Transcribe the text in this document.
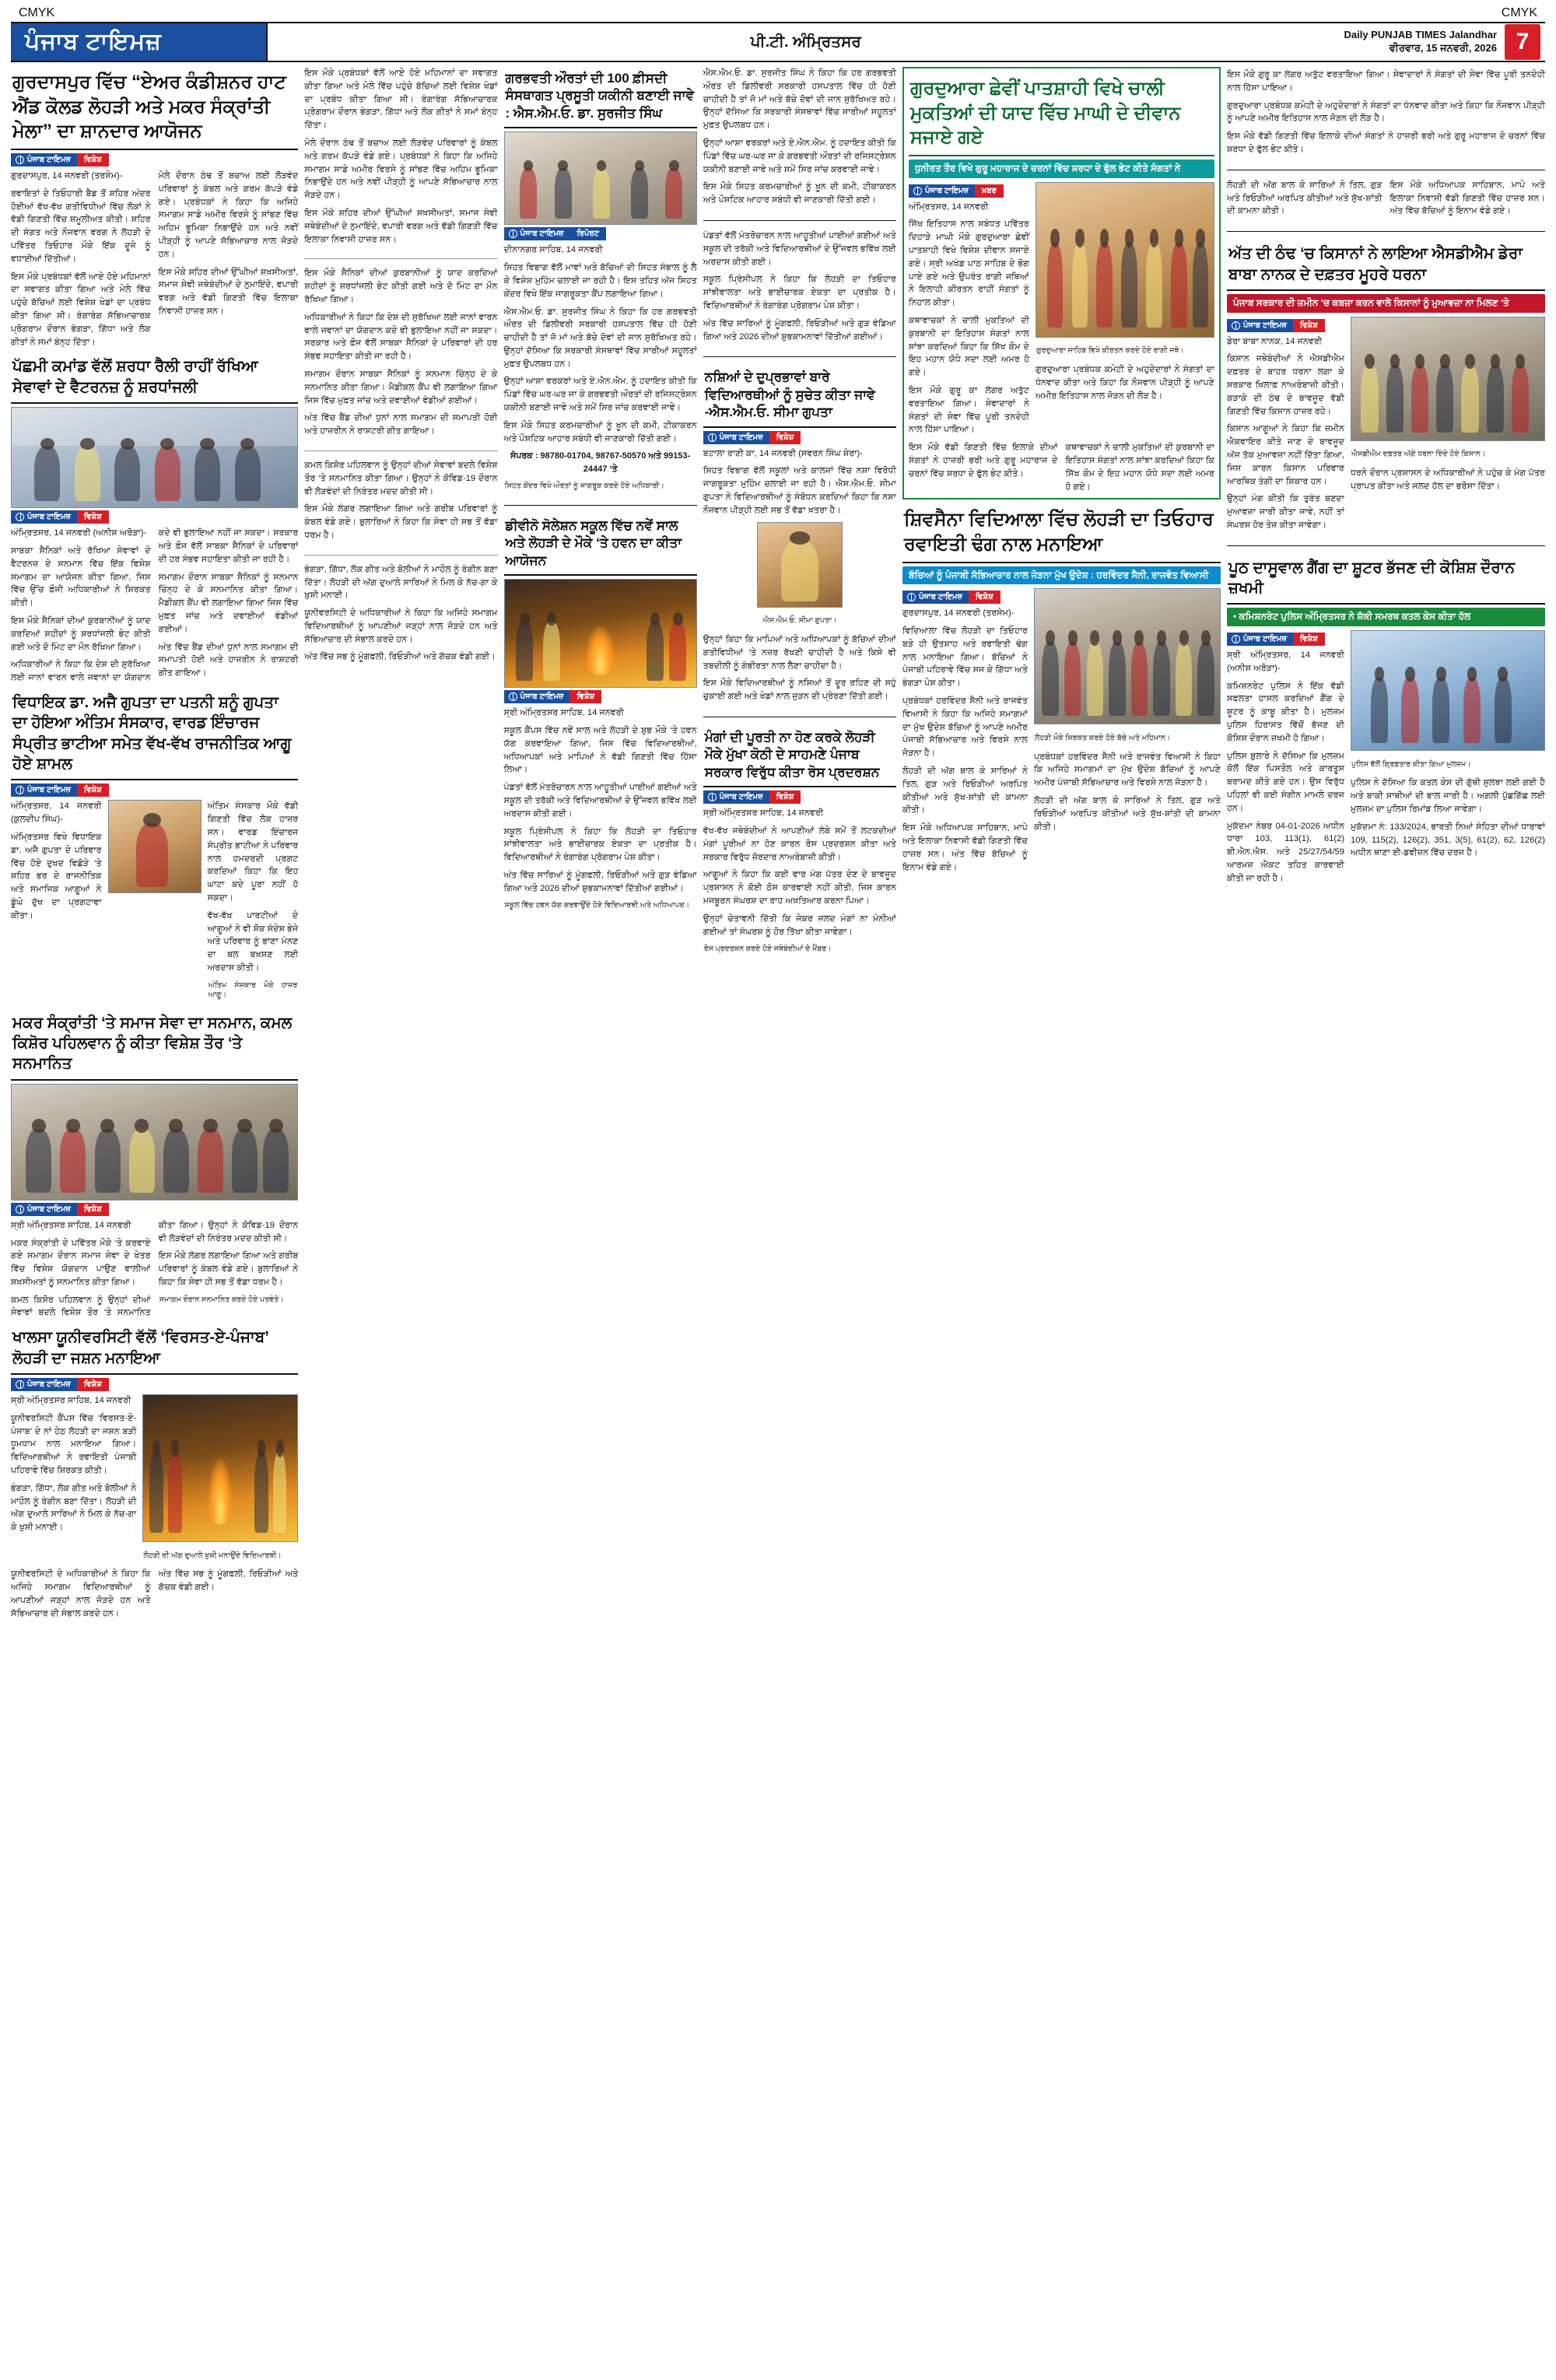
CMYK	CMYK
ਪੰਜਾਬ ਟਾਇਮਜ਼	ਪੀ.ਟੀ. ਅੰਮ੍ਰਿਤਸਰ	Daily PUNJAB TIMES Jalandhar
ਵੀਰਵਾਰ, 15 ਜਨਵਰੀ, 2026 7
ਗੁਰਦਾਸਪੁਰ ਵਿੱਚ “ਏਅਰ ਕੰਡੀਸ਼ਨਰ ਹਾਟ ਐਂਡ ਕੋਲਡ ਲੋਹੜੀ ਅਤੇ ਮਕਰ ਸੰਕ੍ਰਾਂਤੀ ਮੇਲਾ” ਦਾ ਸ਼ਾਨਦਾਰ ਆਯੋਜਨ
ਪੰਜਾਬ ਟਾਇਮਜ਼	ਵਿਸ਼ੇਸ਼

ਗੁਰਦਾਸਪੁਰ, 14 ਜਨਵਰੀ (ਤਰਸੇਮ)-

ਰਵਾਇਤਾਂ ਦੇ ਤਿਓਹਾਰੀ ਬੈਡ ਤੋਂ ਸ਼ਹਿਰ ਅੰਦਰ ਹੋਈਆਂ ਵੱਖ-ਵੱਖ ਗਤੀਵਿਧੀਆਂ ਵਿੱਚ ਲੋਕਾਂ ਨੇ ਵੱਡੀ ਗਿਣਤੀ ਵਿੱਚ ਸ਼ਮੂਲੀਅਤ ਕੀਤੀ। ਸ਼ਹਿਰ ਦੀ ਸੰਗਤ ਅਤੇ ਨੌਜਵਾਨ ਵਰਗ ਨੇ ਲੋਹੜੀ ਦੇ ਪਵਿੱਤਰ ਤਿਓਹਾਰ ਮੌਕੇ ਇੱਕ ਦੂਜੇ ਨੂੰ ਵਧਾਈਆਂ ਦਿੱਤੀਆਂ।

ਇਸ ਮੌਕੇ ਪ੍ਰਬੰਧਕਾਂ ਵੱਲੋਂ ਆਏ ਹੋਏ ਮਹਿਮਾਨਾਂ ਦਾ ਸਵਾਗਤ ਕੀਤਾ ਗਿਆ ਅਤੇ ਮੇਲੇ ਵਿੱਚ ਪਹੁੰਚੇ ਬੱਚਿਆਂ ਲਈ ਵਿਸ਼ੇਸ਼ ਖੇਡਾਂ ਦਾ ਪ੍ਰਬੰਧ ਕੀਤਾ ਗਿਆ ਸੀ। ਰੰਗਾਰੰਗ ਸੱਭਿਆਚਾਰਕ ਪ੍ਰੋਗਰਾਮ ਦੌਰਾਨ ਭੰਗੜਾ, ਗਿੱਧਾ ਅਤੇ ਲੋਕ ਗੀਤਾਂ ਨੇ ਸਮਾਂ ਬੰਨ੍ਹ ਦਿੱਤਾ।

ਮੇਲੇ ਦੌਰਾਨ ਠੰਢ ਤੋਂ ਬਚਾਅ ਲਈ ਲੋੜਵੰਦ ਪਰਿਵਾਰਾਂ ਨੂੰ ਕੰਬਲ ਅਤੇ ਗਰਮ ਕੱਪੜੇ ਵੰਡੇ ਗਏ। ਪ੍ਰਬੰਧਕਾਂ ਨੇ ਕਿਹਾ ਕਿ ਅਜਿਹੇ ਸਮਾਗਮ ਸਾਡੇ ਅਮੀਰ ਵਿਰਸੇ ਨੂੰ ਸਾਂਭਣ ਵਿੱਚ ਅਹਿਮ ਭੂਮਿਕਾ ਨਿਭਾਉਂਦੇ ਹਨ ਅਤੇ ਨਵੀਂ ਪੀੜ੍ਹੀ ਨੂੰ ਆਪਣੇ ਸੱਭਿਆਚਾਰ ਨਾਲ ਜੋੜਦੇ ਹਨ।

ਇਸ ਮੌਕੇ ਸ਼ਹਿਰ ਦੀਆਂ ਉੱਘੀਆਂ ਸ਼ਖ਼ਸੀਅਤਾਂ, ਸਮਾਜ ਸੇਵੀ ਜਥੇਬੰਦੀਆਂ ਦੇ ਨੁਮਾਇੰਦੇ, ਵਪਾਰੀ ਵਰਗ ਅਤੇ ਵੱਡੀ ਗਿਣਤੀ ਵਿੱਚ ਇਲਾਕਾ ਨਿਵਾਸੀ ਹਾਜ਼ਰ ਸਨ।

ਪੱਛਮੀ ਕਮਾਂਡ ਵੱਲੋਂ ਸ਼ਰਧਾ ਰੈਲੀ ਰਾਹੀਂ ਰੱਖਿਆ ਸੇਵਾਵਾਂ ਦੇ ਵੈਟਰਨਜ਼ ਨੂੰ ਸ਼ਰਧਾਂਜਲੀ
ਪੰਜਾਬ ਟਾਇਮਜ਼	ਵਿਸ਼ੇਸ਼

ਅੰਮ੍ਰਿਤਸਰ, 14 ਜਨਵਰੀ (ਅਨੀਸ਼ ਅਰੋੜਾ)-

ਸਾਬਕਾ ਸੈਨਿਕਾਂ ਅਤੇ ਰੱਖਿਆ ਸੇਵਾਵਾਂ ਦੇ ਵੈਟਰਨਜ਼ ਦੇ ਸਨਮਾਨ ਵਿੱਚ ਇੱਕ ਵਿਸ਼ੇਸ਼ ਸਮਾਗਮ ਦਾ ਆਯੋਜਨ ਕੀਤਾ ਗਿਆ, ਜਿਸ ਵਿੱਚ ਉੱਚ ਫ਼ੌਜੀ ਅਧਿਕਾਰੀਆਂ ਨੇ ਸ਼ਿਰਕਤ ਕੀਤੀ।

ਇਸ ਮੌਕੇ ਸੈਨਿਕਾਂ ਦੀਆਂ ਕੁਰਬਾਨੀਆਂ ਨੂੰ ਯਾਦ ਕਰਦਿਆਂ ਸ਼ਹੀਦਾਂ ਨੂੰ ਸ਼ਰਧਾਂਜਲੀ ਭੇਟ ਕੀਤੀ ਗਈ ਅਤੇ ਦੋ ਮਿੰਟ ਦਾ ਮੌਨ ਰੱਖਿਆ ਗਿਆ।

ਅਧਿਕਾਰੀਆਂ ਨੇ ਕਿਹਾ ਕਿ ਦੇਸ਼ ਦੀ ਸੁਰੱਖਿਆ ਲਈ ਜਾਨਾਂ ਵਾਰਨ ਵਾਲੇ ਜਵਾਨਾਂ ਦਾ ਯੋਗਦਾਨ ਕਦੇ ਵੀ ਭੁਲਾਇਆ ਨਹੀਂ ਜਾ ਸਕਦਾ। ਸਰਕਾਰ ਅਤੇ ਫ਼ੌਜ ਵੱਲੋਂ ਸਾਬਕਾ ਸੈਨਿਕਾਂ ਦੇ ਪਰਿਵਾਰਾਂ ਦੀ ਹਰ ਸੰਭਵ ਸਹਾਇਤਾ ਕੀਤੀ ਜਾ ਰਹੀ ਹੈ।

ਸਮਾਗਮ ਦੌਰਾਨ ਸਾਬਕਾ ਸੈਨਿਕਾਂ ਨੂੰ ਸਨਮਾਨ ਚਿੰਨ੍ਹ ਦੇ ਕੇ ਸਨਮਾਨਿਤ ਕੀਤਾ ਗਿਆ। ਮੈਡੀਕਲ ਕੈਂਪ ਵੀ ਲਗਾਇਆ ਗਿਆ ਜਿਸ ਵਿੱਚ ਮੁਫ਼ਤ ਜਾਂਚ ਅਤੇ ਦਵਾਈਆਂ ਵੰਡੀਆਂ ਗਈਆਂ।

ਅੰਤ ਵਿੱਚ ਬੈਂਡ ਦੀਆਂ ਧੁਨਾਂ ਨਾਲ ਸਮਾਗਮ ਦੀ ਸਮਾਪਤੀ ਹੋਈ ਅਤੇ ਹਾਜ਼ਰੀਨ ਨੇ ਰਾਸ਼ਟਰੀ ਗੀਤ ਗਾਇਆ।

ਵਿਧਾਇਕ ਡਾ. ਅਜੈ ਗੁਪਤਾ ਦਾ ਪਤਨੀ ਸ਼ਨੂੰ ਗੁਪਤਾ ਦਾ ਹੋਇਆ ਅੰਤਿਮ ਸੰਸਕਾਰ, ਵਾਰਡ ਇੰਚਾਰਜ ਸੰਪ੍ਰੀਤ ਭਾਟੀਆ ਸਮੇਤ ਵੱਖ-ਵੱਖ ਰਾਜਨੀਤਿਕ ਆਗੂ ਹੋਏ ਸ਼ਾਮਲ
ਪੰਜਾਬ ਟਾਇਮਜ਼	ਵਿਸ਼ੇਸ਼

ਅੰਮ੍ਰਿਤਸਰ, 14 ਜਨਵਰੀ (ਕੁਲਦੀਪ ਸਿੰਘ)-

ਅੰਮ੍ਰਿਤਸਰ ਵਿਖੇ ਵਿਧਾਇਕ ਡਾ. ਅਜੈ ਗੁਪਤਾ ਦੇ ਪਰਿਵਾਰ ਵਿੱਚ ਹੋਏ ਦੁਖਦ ਵਿਛੋੜੇ ‘ਤੇ ਸ਼ਹਿਰ ਭਰ ਦੇ ਰਾਜਨੀਤਿਕ ਅਤੇ ਸਮਾਜਿਕ ਆਗੂਆਂ ਨੇ ਡੂੰਘੇ ਦੁੱਖ ਦਾ ਪ੍ਰਗਟਾਵਾ ਕੀਤਾ।

ਅੰਤਿਮ ਸੰਸਕਾਰ ਮੌਕੇ ਵੱਡੀ ਗਿਣਤੀ ਵਿੱਚ ਲੋਕ ਹਾਜ਼ਰ ਸਨ। ਵਾਰਡ ਇੰਚਾਰਜ ਸੰਪ੍ਰੀਤ ਭਾਟੀਆ ਨੇ ਪਰਿਵਾਰ ਨਾਲ ਹਮਦਰਦੀ ਪ੍ਰਗਟ ਕਰਦਿਆਂ ਕਿਹਾ ਕਿ ਇਹ ਘਾਟਾ ਕਦੇ ਪੂਰਾ ਨਹੀਂ ਹੋ ਸਕਦਾ।

ਵੱਖ-ਵੱਖ ਪਾਰਟੀਆਂ ਦੇ ਆਗੂਆਂ ਨੇ ਵੀ ਸ਼ੋਕ ਸੰਦੇਸ਼ ਭੇਜੇ ਅਤੇ ਪਰਿਵਾਰ ਨੂੰ ਭਾਣਾ ਮੰਨਣ ਦਾ ਬਲ ਬਖ਼ਸ਼ਣ ਲਈ ਅਰਦਾਸ ਕੀਤੀ।

ਅੰਤਿਮ ਸੰਸਕਾਰ ਮੌਕੇ ਹਾਜ਼ਰ ਆਗੂ।

ਮਕਰ ਸੰਕ੍ਰਾਂਤੀ ‘ਤੇ ਸਮਾਜ ਸੇਵਾ ਦਾ ਸਨਮਾਨ, ਕਮਲ ਕਿਸ਼ੋਰ ਪਹਿਲਵਾਨ ਨੂੰ ਕੀਤਾ ਵਿਸ਼ੇਸ਼ ਤੌਰ ‘ਤੇ ਸਨਮਾਨਿਤ
ਪੰਜਾਬ ਟਾਇਮਜ਼	ਵਿਸ਼ੇਸ਼

ਸ੍ਰੀ ਅੰਮ੍ਰਿਤਸਰ ਸਾਹਿਬ, 14 ਜਨਵਰੀ

ਮਕਰ ਸੰਕ੍ਰਾਂਤੀ ਦੇ ਪਵਿੱਤਰ ਮੌਕੇ ‘ਤੇ ਕਰਵਾਏ ਗਏ ਸਮਾਗਮ ਦੌਰਾਨ ਸਮਾਜ ਸੇਵਾ ਦੇ ਖੇਤਰ ਵਿੱਚ ਵਿਸ਼ੇਸ਼ ਯੋਗਦਾਨ ਪਾਉਣ ਵਾਲੀਆਂ ਸ਼ਖ਼ਸੀਅਤਾਂ ਨੂੰ ਸਨਮਾਨਿਤ ਕੀਤਾ ਗਿਆ।

ਕਮਲ ਕਿਸ਼ੋਰ ਪਹਿਲਵਾਨ ਨੂੰ ਉਨ੍ਹਾਂ ਦੀਆਂ ਸੇਵਾਵਾਂ ਬਦਲੇ ਵਿਸ਼ੇਸ਼ ਤੌਰ ‘ਤੇ ਸਨਮਾਨਿਤ ਕੀਤਾ ਗਿਆ। ਉਨ੍ਹਾਂ ਨੇ ਕੋਵਿਡ-19 ਦੌਰਾਨ ਵੀ ਲੋੜਵੰਦਾਂ ਦੀ ਨਿਰੰਤਰ ਮਦਦ ਕੀਤੀ ਸੀ।

ਇਸ ਮੌਕੇ ਲੰਗਰ ਲਗਾਇਆ ਗਿਆ ਅਤੇ ਗਰੀਬ ਪਰਿਵਾਰਾਂ ਨੂੰ ਕੰਬਲ ਵੰਡੇ ਗਏ। ਬੁਲਾਰਿਆਂ ਨੇ ਕਿਹਾ ਕਿ ਸੇਵਾ ਹੀ ਸਭ ਤੋਂ ਵੱਡਾ ਧਰਮ ਹੈ।

ਸਮਾਗਮ ਦੌਰਾਨ ਸਨਮਾਨਿਤ ਕਰਦੇ ਹੋਏ ਪਤਵੰਤੇ।

ਖਾਲਸਾ ਯੂਨੀਵਰਸਿਟੀ ਵੱਲੋਂ ‘ਵਿਰਸਤ-ਏ-ਪੰਜਾਬ’ ਲੋਹੜੀ ਦਾ ਜਸ਼ਨ ਮਨਾਇਆ
ਪੰਜਾਬ ਟਾਇਮਜ਼	ਵਿਸ਼ੇਸ਼

ਸ੍ਰੀ ਅੰਮ੍ਰਿਤਸਰ ਸਾਹਿਬ, 14 ਜਨਵਰੀ

ਯੂਨੀਵਰਸਿਟੀ ਕੈਂਪਸ ਵਿੱਚ ‘ਵਿਰਸਤ-ਏ-ਪੰਜਾਬ’ ਦੇ ਨਾਂ ਹੇਠ ਲੋਹੜੀ ਦਾ ਜਸ਼ਨ ਬੜੀ ਧੂਮਧਾਮ ਨਾਲ ਮਨਾਇਆ ਗਿਆ। ਵਿਦਿਆਰਥੀਆਂ ਨੇ ਰਵਾਇਤੀ ਪੰਜਾਬੀ ਪਹਿਰਾਵੇ ਵਿੱਚ ਸ਼ਿਰਕਤ ਕੀਤੀ।

ਭੰਗੜਾ, ਗਿੱਧਾ, ਲੋਕ ਗੀਤ ਅਤੇ ਬੋਲੀਆਂ ਨੇ ਮਾਹੌਲ ਨੂੰ ਰੰਗੀਨ ਬਣਾ ਦਿੱਤਾ। ਲੋਹੜੀ ਦੀ ਅੱਗ ਦੁਆਲੇ ਸਾਰਿਆਂ ਨੇ ਮਿਲ ਕੇ ਨੱਚ-ਗਾ ਕੇ ਖ਼ੁਸ਼ੀ ਮਨਾਈ।

ਲੋਹੜੀ ਦੀ ਅੱਗ ਦੁਆਲੇ ਖ਼ੁਸ਼ੀ ਮਨਾਉਂਦੇ ਵਿਦਿਆਰਥੀ।

ਯੂਨੀਵਰਸਿਟੀ ਦੇ ਅਧਿਕਾਰੀਆਂ ਨੇ ਕਿਹਾ ਕਿ ਅਜਿਹੇ ਸਮਾਗਮ ਵਿਦਿਆਰਥੀਆਂ ਨੂੰ ਆਪਣੀਆਂ ਜੜ੍ਹਾਂ ਨਾਲ ਜੋੜਦੇ ਹਨ ਅਤੇ ਸੱਭਿਆਚਾਰ ਦੀ ਸੰਭਾਲ ਕਰਦੇ ਹਨ।

ਅੰਤ ਵਿੱਚ ਸਭ ਨੂੰ ਮੂੰਗਫਲੀ, ਰਿਓੜੀਆਂ ਅਤੇ ਗੱਚਕ ਵੰਡੀ ਗਈ।

ਇਸ ਮੌਕੇ ਪ੍ਰਬੰਧਕਾਂ ਵੱਲੋਂ ਆਏ ਹੋਏ ਮਹਿਮਾਨਾਂ ਦਾ ਸਵਾਗਤ ਕੀਤਾ ਗਿਆ ਅਤੇ ਮੇਲੇ ਵਿੱਚ ਪਹੁੰਚੇ ਬੱਚਿਆਂ ਲਈ ਵਿਸ਼ੇਸ਼ ਖੇਡਾਂ ਦਾ ਪ੍ਰਬੰਧ ਕੀਤਾ ਗਿਆ ਸੀ। ਰੰਗਾਰੰਗ ਸੱਭਿਆਚਾਰਕ ਪ੍ਰੋਗਰਾਮ ਦੌਰਾਨ ਭੰਗੜਾ, ਗਿੱਧਾ ਅਤੇ ਲੋਕ ਗੀਤਾਂ ਨੇ ਸਮਾਂ ਬੰਨ੍ਹ ਦਿੱਤਾ।

ਮੇਲੇ ਦੌਰਾਨ ਠੰਢ ਤੋਂ ਬਚਾਅ ਲਈ ਲੋੜਵੰਦ ਪਰਿਵਾਰਾਂ ਨੂੰ ਕੰਬਲ ਅਤੇ ਗਰਮ ਕੱਪੜੇ ਵੰਡੇ ਗਏ। ਪ੍ਰਬੰਧਕਾਂ ਨੇ ਕਿਹਾ ਕਿ ਅਜਿਹੇ ਸਮਾਗਮ ਸਾਡੇ ਅਮੀਰ ਵਿਰਸੇ ਨੂੰ ਸਾਂਭਣ ਵਿੱਚ ਅਹਿਮ ਭੂਮਿਕਾ ਨਿਭਾਉਂਦੇ ਹਨ ਅਤੇ ਨਵੀਂ ਪੀੜ੍ਹੀ ਨੂੰ ਆਪਣੇ ਸੱਭਿਆਚਾਰ ਨਾਲ ਜੋੜਦੇ ਹਨ।

ਇਸ ਮੌਕੇ ਸ਼ਹਿਰ ਦੀਆਂ ਉੱਘੀਆਂ ਸ਼ਖ਼ਸੀਅਤਾਂ, ਸਮਾਜ ਸੇਵੀ ਜਥੇਬੰਦੀਆਂ ਦੇ ਨੁਮਾਇੰਦੇ, ਵਪਾਰੀ ਵਰਗ ਅਤੇ ਵੱਡੀ ਗਿਣਤੀ ਵਿੱਚ ਇਲਾਕਾ ਨਿਵਾਸੀ ਹਾਜ਼ਰ ਸਨ।

ਇਸ ਮੌਕੇ ਸੈਨਿਕਾਂ ਦੀਆਂ ਕੁਰਬਾਨੀਆਂ ਨੂੰ ਯਾਦ ਕਰਦਿਆਂ ਸ਼ਹੀਦਾਂ ਨੂੰ ਸ਼ਰਧਾਂਜਲੀ ਭੇਟ ਕੀਤੀ ਗਈ ਅਤੇ ਦੋ ਮਿੰਟ ਦਾ ਮੌਨ ਰੱਖਿਆ ਗਿਆ।

ਅਧਿਕਾਰੀਆਂ ਨੇ ਕਿਹਾ ਕਿ ਦੇਸ਼ ਦੀ ਸੁਰੱਖਿਆ ਲਈ ਜਾਨਾਂ ਵਾਰਨ ਵਾਲੇ ਜਵਾਨਾਂ ਦਾ ਯੋਗਦਾਨ ਕਦੇ ਵੀ ਭੁਲਾਇਆ ਨਹੀਂ ਜਾ ਸਕਦਾ। ਸਰਕਾਰ ਅਤੇ ਫ਼ੌਜ ਵੱਲੋਂ ਸਾਬਕਾ ਸੈਨਿਕਾਂ ਦੇ ਪਰਿਵਾਰਾਂ ਦੀ ਹਰ ਸੰਭਵ ਸਹਾਇਤਾ ਕੀਤੀ ਜਾ ਰਹੀ ਹੈ।

ਸਮਾਗਮ ਦੌਰਾਨ ਸਾਬਕਾ ਸੈਨਿਕਾਂ ਨੂੰ ਸਨਮਾਨ ਚਿੰਨ੍ਹ ਦੇ ਕੇ ਸਨਮਾਨਿਤ ਕੀਤਾ ਗਿਆ। ਮੈਡੀਕਲ ਕੈਂਪ ਵੀ ਲਗਾਇਆ ਗਿਆ ਜਿਸ ਵਿੱਚ ਮੁਫ਼ਤ ਜਾਂਚ ਅਤੇ ਦਵਾਈਆਂ ਵੰਡੀਆਂ ਗਈਆਂ।

ਅੰਤ ਵਿੱਚ ਬੈਂਡ ਦੀਆਂ ਧੁਨਾਂ ਨਾਲ ਸਮਾਗਮ ਦੀ ਸਮਾਪਤੀ ਹੋਈ ਅਤੇ ਹਾਜ਼ਰੀਨ ਨੇ ਰਾਸ਼ਟਰੀ ਗੀਤ ਗਾਇਆ।

ਕਮਲ ਕਿਸ਼ੋਰ ਪਹਿਲਵਾਨ ਨੂੰ ਉਨ੍ਹਾਂ ਦੀਆਂ ਸੇਵਾਵਾਂ ਬਦਲੇ ਵਿਸ਼ੇਸ਼ ਤੌਰ ‘ਤੇ ਸਨਮਾਨਿਤ ਕੀਤਾ ਗਿਆ। ਉਨ੍ਹਾਂ ਨੇ ਕੋਵਿਡ-19 ਦੌਰਾਨ ਵੀ ਲੋੜਵੰਦਾਂ ਦੀ ਨਿਰੰਤਰ ਮਦਦ ਕੀਤੀ ਸੀ।

ਇਸ ਮੌਕੇ ਲੰਗਰ ਲਗਾਇਆ ਗਿਆ ਅਤੇ ਗਰੀਬ ਪਰਿਵਾਰਾਂ ਨੂੰ ਕੰਬਲ ਵੰਡੇ ਗਏ। ਬੁਲਾਰਿਆਂ ਨੇ ਕਿਹਾ ਕਿ ਸੇਵਾ ਹੀ ਸਭ ਤੋਂ ਵੱਡਾ ਧਰਮ ਹੈ।

ਭੰਗੜਾ, ਗਿੱਧਾ, ਲੋਕ ਗੀਤ ਅਤੇ ਬੋਲੀਆਂ ਨੇ ਮਾਹੌਲ ਨੂੰ ਰੰਗੀਨ ਬਣਾ ਦਿੱਤਾ। ਲੋਹੜੀ ਦੀ ਅੱਗ ਦੁਆਲੇ ਸਾਰਿਆਂ ਨੇ ਮਿਲ ਕੇ ਨੱਚ-ਗਾ ਕੇ ਖ਼ੁਸ਼ੀ ਮਨਾਈ।

ਯੂਨੀਵਰਸਿਟੀ ਦੇ ਅਧਿਕਾਰੀਆਂ ਨੇ ਕਿਹਾ ਕਿ ਅਜਿਹੇ ਸਮਾਗਮ ਵਿਦਿਆਰਥੀਆਂ ਨੂੰ ਆਪਣੀਆਂ ਜੜ੍ਹਾਂ ਨਾਲ ਜੋੜਦੇ ਹਨ ਅਤੇ ਸੱਭਿਆਚਾਰ ਦੀ ਸੰਭਾਲ ਕਰਦੇ ਹਨ।

ਅੰਤ ਵਿੱਚ ਸਭ ਨੂੰ ਮੂੰਗਫਲੀ, ਰਿਓੜੀਆਂ ਅਤੇ ਗੱਚਕ ਵੰਡੀ ਗਈ।

ਗਰਭਵਤੀ ਔਰਤਾਂ ਦੀ 100 ਫ਼ੀਸਦੀ ਸੰਸਥਾਗਤ ਪ੍ਰਸੂਤੀ ਯਕੀਨੀ ਬਣਾਈ ਜਾਵੇ : ਐਸ.ਐਮ.ਓ. ਡਾ. ਸੁਰਜੀਤ ਸਿੰਘ
ਪੰਜਾਬ ਟਾਇਮਜ਼	ਰਿਪੋਰਟ

ਦੀਨਾਨਗਰ ਸਾਹਿਬ, 14 ਜਨਵਰੀ

ਸਿਹਤ ਵਿਭਾਗ ਵੱਲੋਂ ਮਾਵਾਂ ਅਤੇ ਬੱਚਿਆਂ ਦੀ ਸਿਹਤ ਸੰਭਾਲ ਨੂੰ ਲੈ ਕੇ ਵਿਸ਼ੇਸ਼ ਮੁਹਿੰਮ ਚਲਾਈ ਜਾ ਰਹੀ ਹੈ। ਇਸ ਤਹਿਤ ਅੱਜ ਸਿਹਤ ਕੇਂਦਰ ਵਿਖੇ ਇੱਕ ਜਾਗਰੂਕਤਾ ਕੈਂਪ ਲਗਾਇਆ ਗਿਆ।

ਐਸ.ਐਮ.ਓ. ਡਾ. ਸੁਰਜੀਤ ਸਿੰਘ ਨੇ ਕਿਹਾ ਕਿ ਹਰ ਗਰਭਵਤੀ ਔਰਤ ਦੀ ਡਿਲੀਵਰੀ ਸਰਕਾਰੀ ਹਸਪਤਾਲ ਵਿੱਚ ਹੀ ਹੋਣੀ ਚਾਹੀਦੀ ਹੈ ਤਾਂ ਜੋ ਮਾਂ ਅਤੇ ਬੱਚੇ ਦੋਵਾਂ ਦੀ ਜਾਨ ਸੁਰੱਖਿਅਤ ਰਹੇ। ਉਨ੍ਹਾਂ ਦੱਸਿਆ ਕਿ ਸਰਕਾਰੀ ਸੰਸਥਾਵਾਂ ਵਿੱਚ ਸਾਰੀਆਂ ਸਹੂਲਤਾਂ ਮੁਫ਼ਤ ਉਪਲਬਧ ਹਨ।

ਉਨ੍ਹਾਂ ਆਸ਼ਾ ਵਰਕਰਾਂ ਅਤੇ ਏ.ਐਨ.ਐਮ. ਨੂੰ ਹਦਾਇਤ ਕੀਤੀ ਕਿ ਪਿੰਡਾਂ ਵਿੱਚ ਘਰ-ਘਰ ਜਾ ਕੇ ਗਰਭਵਤੀ ਔਰਤਾਂ ਦੀ ਰਜਿਸਟ੍ਰੇਸ਼ਨ ਯਕੀਨੀ ਬਣਾਈ ਜਾਵੇ ਅਤੇ ਸਮੇਂ ਸਿਰ ਜਾਂਚ ਕਰਵਾਈ ਜਾਵੇ।

ਇਸ ਮੌਕੇ ਸਿਹਤ ਕਰਮਚਾਰੀਆਂ ਨੂੰ ਖ਼ੂਨ ਦੀ ਕਮੀ, ਟੀਕਾਕਰਨ ਅਤੇ ਪੌਸ਼ਟਿਕ ਆਹਾਰ ਸਬੰਧੀ ਵੀ ਜਾਣਕਾਰੀ ਦਿੱਤੀ ਗਈ।

ਸੰਪਰਕ : 98780-01704, 98767-50570 ਅਤੇ 99153-24447 ‘ਤੇ

ਸਿਹਤ ਕੇਂਦਰ ਵਿਖੇ ਔਰਤਾਂ ਨੂੰ ਜਾਗਰੂਕ ਕਰਦੇ ਹੋਏ ਅਧਿਕਾਰੀ।

ਡੀਵੀਨੋ ਸੋਲੇਸ਼ਨ ਸਕੂਲ ਵਿੱਚ ਨਵੇਂ ਸਾਲ ਅਤੇ ਲੋਹੜੀ ਦੇ ਮੌਕੇ ‘ਤੇ ਹਵਨ ਦਾ ਕੀਤਾ ਆਯੋਜਨ
ਪੰਜਾਬ ਟਾਇਮਜ਼	ਵਿਸ਼ੇਸ਼

ਸ੍ਰੀ ਅੰਮ੍ਰਿਤਸਰ ਸਾਹਿਬ, 14 ਜਨਵਰੀ

ਸਕੂਲ ਕੈਂਪਸ ਵਿੱਚ ਨਵੇਂ ਸਾਲ ਅਤੇ ਲੋਹੜੀ ਦੇ ਸ਼ੁਭ ਮੌਕੇ ‘ਤੇ ਹਵਨ ਯੱਗ ਕਰਵਾਇਆ ਗਿਆ, ਜਿਸ ਵਿੱਚ ਵਿਦਿਆਰਥੀਆਂ, ਅਧਿਆਪਕਾਂ ਅਤੇ ਮਾਪਿਆਂ ਨੇ ਵੱਡੀ ਗਿਣਤੀ ਵਿੱਚ ਹਿੱਸਾ ਲਿਆ।

ਪੰਡਤਾਂ ਵੱਲੋਂ ਮੰਤਰੋਚਾਰਨ ਨਾਲ ਆਹੂਤੀਆਂ ਪਾਈਆਂ ਗਈਆਂ ਅਤੇ ਸਕੂਲ ਦੀ ਤਰੱਕੀ ਅਤੇ ਵਿਦਿਆਰਥੀਆਂ ਦੇ ਉੱਜਵਲ ਭਵਿੱਖ ਲਈ ਅਰਦਾਸ ਕੀਤੀ ਗਈ।

ਸਕੂਲ ਪ੍ਰਿੰਸੀਪਲ ਨੇ ਕਿਹਾ ਕਿ ਲੋਹੜੀ ਦਾ ਤਿਓਹਾਰ ਸਾਂਝੀਵਾਲਤਾ ਅਤੇ ਭਾਈਚਾਰਕ ਏਕਤਾ ਦਾ ਪ੍ਰਤੀਕ ਹੈ। ਵਿਦਿਆਰਥੀਆਂ ਨੇ ਰੰਗਾਰੰਗ ਪ੍ਰੋਗਰਾਮ ਪੇਸ਼ ਕੀਤਾ।

ਅੰਤ ਵਿੱਚ ਸਾਰਿਆਂ ਨੂੰ ਮੂੰਗਫਲੀ, ਰਿਓੜੀਆਂ ਅਤੇ ਗੁੜ ਵੰਡਿਆ ਗਿਆ ਅਤੇ 2026 ਦੀਆਂ ਸ਼ੁਭਕਾਮਨਾਵਾਂ ਦਿੱਤੀਆਂ ਗਈਆਂ।

ਸਕੂਲ ਵਿੱਚ ਹਵਨ ਯੱਗ ਕਰਵਾਉਂਦੇ ਹੋਏ ਵਿਦਿਆਰਥੀ ਅਤੇ ਅਧਿਆਪਕ।

ਐਸ.ਐਮ.ਓ. ਡਾ. ਸੁਰਜੀਤ ਸਿੰਘ ਨੇ ਕਿਹਾ ਕਿ ਹਰ ਗਰਭਵਤੀ ਔਰਤ ਦੀ ਡਿਲੀਵਰੀ ਸਰਕਾਰੀ ਹਸਪਤਾਲ ਵਿੱਚ ਹੀ ਹੋਣੀ ਚਾਹੀਦੀ ਹੈ ਤਾਂ ਜੋ ਮਾਂ ਅਤੇ ਬੱਚੇ ਦੋਵਾਂ ਦੀ ਜਾਨ ਸੁਰੱਖਿਅਤ ਰਹੇ। ਉਨ੍ਹਾਂ ਦੱਸਿਆ ਕਿ ਸਰਕਾਰੀ ਸੰਸਥਾਵਾਂ ਵਿੱਚ ਸਾਰੀਆਂ ਸਹੂਲਤਾਂ ਮੁਫ਼ਤ ਉਪਲਬਧ ਹਨ।

ਉਨ੍ਹਾਂ ਆਸ਼ਾ ਵਰਕਰਾਂ ਅਤੇ ਏ.ਐਨ.ਐਮ. ਨੂੰ ਹਦਾਇਤ ਕੀਤੀ ਕਿ ਪਿੰਡਾਂ ਵਿੱਚ ਘਰ-ਘਰ ਜਾ ਕੇ ਗਰਭਵਤੀ ਔਰਤਾਂ ਦੀ ਰਜਿਸਟ੍ਰੇਸ਼ਨ ਯਕੀਨੀ ਬਣਾਈ ਜਾਵੇ ਅਤੇ ਸਮੇਂ ਸਿਰ ਜਾਂਚ ਕਰਵਾਈ ਜਾਵੇ।

ਇਸ ਮੌਕੇ ਸਿਹਤ ਕਰਮਚਾਰੀਆਂ ਨੂੰ ਖ਼ੂਨ ਦੀ ਕਮੀ, ਟੀਕਾਕਰਨ ਅਤੇ ਪੌਸ਼ਟਿਕ ਆਹਾਰ ਸਬੰਧੀ ਵੀ ਜਾਣਕਾਰੀ ਦਿੱਤੀ ਗਈ।

ਪੰਡਤਾਂ ਵੱਲੋਂ ਮੰਤਰੋਚਾਰਨ ਨਾਲ ਆਹੂਤੀਆਂ ਪਾਈਆਂ ਗਈਆਂ ਅਤੇ ਸਕੂਲ ਦੀ ਤਰੱਕੀ ਅਤੇ ਵਿਦਿਆਰਥੀਆਂ ਦੇ ਉੱਜਵਲ ਭਵਿੱਖ ਲਈ ਅਰਦਾਸ ਕੀਤੀ ਗਈ।

ਸਕੂਲ ਪ੍ਰਿੰਸੀਪਲ ਨੇ ਕਿਹਾ ਕਿ ਲੋਹੜੀ ਦਾ ਤਿਓਹਾਰ ਸਾਂਝੀਵਾਲਤਾ ਅਤੇ ਭਾਈਚਾਰਕ ਏਕਤਾ ਦਾ ਪ੍ਰਤੀਕ ਹੈ। ਵਿਦਿਆਰਥੀਆਂ ਨੇ ਰੰਗਾਰੰਗ ਪ੍ਰੋਗਰਾਮ ਪੇਸ਼ ਕੀਤਾ।

ਅੰਤ ਵਿੱਚ ਸਾਰਿਆਂ ਨੂੰ ਮੂੰਗਫਲੀ, ਰਿਓੜੀਆਂ ਅਤੇ ਗੁੜ ਵੰਡਿਆ ਗਿਆ ਅਤੇ 2026 ਦੀਆਂ ਸ਼ੁਭਕਾਮਨਾਵਾਂ ਦਿੱਤੀਆਂ ਗਈਆਂ।

ਨਸ਼ਿਆਂ ਦੇ ਦੁਪ੍ਰਭਾਵਾਂ ਬਾਰੇ ਵਿਦਿਆਰਥੀਆਂ ਨੂੰ ਸੁਚੇਤ ਕੀਤਾ ਜਾਵੇ -ਐਸ.ਐਮ.ਓ. ਸੀਮਾ ਗੁਪਤਾ
ਪੰਜਾਬ ਟਾਇਮਜ਼	ਵਿਸ਼ੇਸ਼

ਬਟਾਲਾ ਰਾਣੀ ਕਾ, 14 ਜਨਵਰੀ (ਸਵਰਨ ਸਿੰਘ ਸ਼ੇਰਾ)-

ਸਿਹਤ ਵਿਭਾਗ ਵੱਲੋਂ ਸਕੂਲਾਂ ਅਤੇ ਕਾਲਜਾਂ ਵਿੱਚ ਨਸ਼ਾ ਵਿਰੋਧੀ ਜਾਗਰੂਕਤਾ ਮੁਹਿੰਮ ਚਲਾਈ ਜਾ ਰਹੀ ਹੈ। ਐਸ.ਐਮ.ਓ. ਸੀਮਾ ਗੁਪਤਾ ਨੇ ਵਿਦਿਆਰਥੀਆਂ ਨੂੰ ਸੰਬੋਧਨ ਕਰਦਿਆਂ ਕਿਹਾ ਕਿ ਨਸ਼ਾ ਨੌਜਵਾਨ ਪੀੜ੍ਹੀ ਲਈ ਸਭ ਤੋਂ ਵੱਡਾ ਖ਼ਤਰਾ ਹੈ।

ਐਸ.ਐਮ.ਓ. ਸੀਮਾ ਗੁਪਤਾ।

ਉਨ੍ਹਾਂ ਕਿਹਾ ਕਿ ਮਾਪਿਆਂ ਅਤੇ ਅਧਿਆਪਕਾਂ ਨੂੰ ਬੱਚਿਆਂ ਦੀਆਂ ਗਤੀਵਿਧੀਆਂ ‘ਤੇ ਨਜ਼ਰ ਰੱਖਣੀ ਚਾਹੀਦੀ ਹੈ ਅਤੇ ਕਿਸੇ ਵੀ ਤਬਦੀਲੀ ਨੂੰ ਗੰਭੀਰਤਾ ਨਾਲ ਲੈਣਾ ਚਾਹੀਦਾ ਹੈ।

ਇਸ ਮੌਕੇ ਵਿਦਿਆਰਥੀਆਂ ਨੂੰ ਨਸ਼ਿਆਂ ਤੋਂ ਦੂਰ ਰਹਿਣ ਦੀ ਸਹੁੰ ਚੁਕਾਈ ਗਈ ਅਤੇ ਖੇਡਾਂ ਨਾਲ ਜੁੜਨ ਦੀ ਪ੍ਰੇਰਣਾ ਦਿੱਤੀ ਗਈ।

ਮੰਗਾਂ ਦੀ ਪੂਰਤੀ ਨਾ ਹੋਣ ਕਰਕੇ ਲੋਹੜੀ ਮੌਕੇ ਮੁੱਖਾ ਕੋਠੀ ਦੇ ਸਾਹਮਣੇ ਪੰਜਾਬ ਸਰਕਾਰ ਵਿਰੁੱਧ ਕੀਤਾ ਰੋਸ ਪ੍ਰਦਰਸ਼ਨ
ਪੰਜਾਬ ਟਾਇਮਜ਼	ਵਿਸ਼ੇਸ਼

ਸ੍ਰੀ ਅੰਮ੍ਰਿਤਸਰ ਸਾਹਿਬ, 14 ਜਨਵਰੀ

ਵੱਖ-ਵੱਖ ਜਥੇਬੰਦੀਆਂ ਨੇ ਆਪਣੀਆਂ ਲੰਬੇ ਸਮੇਂ ਤੋਂ ਲਟਕਦੀਆਂ ਮੰਗਾਂ ਪੂਰੀਆਂ ਨਾ ਹੋਣ ਕਾਰਨ ਰੋਸ ਪ੍ਰਦਰਸ਼ਨ ਕੀਤਾ ਅਤੇ ਸਰਕਾਰ ਵਿਰੁੱਧ ਜ਼ੋਰਦਾਰ ਨਾਅਰੇਬਾਜ਼ੀ ਕੀਤੀ।

ਆਗੂਆਂ ਨੇ ਕਿਹਾ ਕਿ ਕਈ ਵਾਰ ਮੰਗ ਪੱਤਰ ਦੇਣ ਦੇ ਬਾਵਜੂਦ ਪ੍ਰਸ਼ਾਸਨ ਨੇ ਕੋਈ ਠੋਸ ਕਾਰਵਾਈ ਨਹੀਂ ਕੀਤੀ, ਜਿਸ ਕਾਰਨ ਮਜਬੂਰਨ ਸੰਘਰਸ਼ ਦਾ ਰਾਹ ਅਖ਼ਤਿਆਰ ਕਰਨਾ ਪਿਆ।

ਉਨ੍ਹਾਂ ਚੇਤਾਵਨੀ ਦਿੱਤੀ ਕਿ ਜੇਕਰ ਜਲਦ ਮੰਗਾਂ ਨਾ ਮੰਨੀਆਂ ਗਈਆਂ ਤਾਂ ਸੰਘਰਸ਼ ਨੂੰ ਹੋਰ ਤਿੱਖਾ ਕੀਤਾ ਜਾਵੇਗਾ।

ਰੋਸ ਪ੍ਰਦਰਸ਼ਨ ਕਰਦੇ ਹੋਏ ਜਥੇਬੰਦੀਆਂ ਦੇ ਮੈਂਬਰ।

ਗੁਰਦੁਆਰਾ ਛੇਵੀਂ ਪਾਤਸ਼ਾਹੀ ਵਿਖੇ ਚਾਲੀ ਮੁਕਤਿਆਂ ਦੀ ਯਾਦ ਵਿੱਚ ਮਾਘੀ ਦੇ ਦੀਵਾਨ ਸਜਾਏ ਗਏ
ਧੁਨੀਰਤ ਤੌਰ ਵਿਖੇ ਗੁਰੂ ਮਹਾਰਾਜ ਦੇ ਚਰਨਾਂ ਵਿੱਚ ਸ਼ਰਧਾ ਦੇ ਫੁੱਲ ਭੇਟ ਕੀਤੇ ਸੰਗਤਾਂ ਨੇ
ਪੰਜਾਬ ਟਾਇਮਜ਼	ਖ਼ਬਰ

ਅੰਮ੍ਰਿਤਸਰ, 14 ਜਨਵਰੀ

ਸਿੱਖ ਇਤਿਹਾਸ ਨਾਲ ਸਬੰਧਤ ਪਵਿੱਤਰ ਦਿਹਾੜੇ ਮਾਘੀ ਮੌਕੇ ਗੁਰਦੁਆਰਾ ਛੇਵੀਂ ਪਾਤਸ਼ਾਹੀ ਵਿਖੇ ਵਿਸ਼ੇਸ਼ ਦੀਵਾਨ ਸਜਾਏ ਗਏ। ਸ੍ਰੀ ਅਖੰਡ ਪਾਠ ਸਾਹਿਬ ਦੇ ਭੋਗ ਪਾਏ ਗਏ ਅਤੇ ਉਪਰੰਤ ਰਾਗੀ ਜਥਿਆਂ ਨੇ ਇਲਾਹੀ ਕੀਰਤਨ ਰਾਹੀਂ ਸੰਗਤਾਂ ਨੂੰ ਨਿਹਾਲ ਕੀਤਾ।

ਕਥਾਵਾਚਕਾਂ ਨੇ ਚਾਲੀ ਮੁਕਤਿਆਂ ਦੀ ਕੁਰਬਾਨੀ ਦਾ ਇਤਿਹਾਸ ਸੰਗਤਾਂ ਨਾਲ ਸਾਂਝਾ ਕਰਦਿਆਂ ਕਿਹਾ ਕਿ ਸਿੱਖ ਕੌਮ ਦੇ ਇਹ ਮਹਾਨ ਯੋਧੇ ਸਦਾ ਲਈ ਅਮਰ ਹੋ ਗਏ।

ਇਸ ਮੌਕੇ ਗੁਰੂ ਕਾ ਲੰਗਰ ਅਤੁੱਟ ਵਰਤਾਇਆ ਗਿਆ। ਸੇਵਾਦਾਰਾਂ ਨੇ ਸੰਗਤਾਂ ਦੀ ਸੇਵਾ ਵਿੱਚ ਪੂਰੀ ਤਨਦੇਹੀ ਨਾਲ ਹਿੱਸਾ ਪਾਇਆ।

ਗੁਰਦੁਆਰਾ ਸਾਹਿਬ ਵਿਖੇ ਕੀਰਤਨ ਕਰਦੇ ਹੋਏ ਰਾਗੀ ਜਥੇ।

ਗੁਰਦੁਆਰਾ ਪ੍ਰਬੰਧਕ ਕਮੇਟੀ ਦੇ ਅਹੁਦੇਦਾਰਾਂ ਨੇ ਸੰਗਤਾਂ ਦਾ ਧੰਨਵਾਦ ਕੀਤਾ ਅਤੇ ਕਿਹਾ ਕਿ ਨੌਜਵਾਨ ਪੀੜ੍ਹੀ ਨੂੰ ਆਪਣੇ ਅਮੀਰ ਇਤਿਹਾਸ ਨਾਲ ਜੋੜਨ ਦੀ ਲੋੜ ਹੈ।

ਇਸ ਮੌਕੇ ਵੱਡੀ ਗਿਣਤੀ ਵਿੱਚ ਇਲਾਕੇ ਦੀਆਂ ਸੰਗਤਾਂ ਨੇ ਹਾਜ਼ਰੀ ਭਰੀ ਅਤੇ ਗੁਰੂ ਮਹਾਰਾਜ ਦੇ ਚਰਨਾਂ ਵਿੱਚ ਸ਼ਰਧਾ ਦੇ ਫੁੱਲ ਭੇਟ ਕੀਤੇ।

ਕਥਾਵਾਚਕਾਂ ਨੇ ਚਾਲੀ ਮੁਕਤਿਆਂ ਦੀ ਕੁਰਬਾਨੀ ਦਾ ਇਤਿਹਾਸ ਸੰਗਤਾਂ ਨਾਲ ਸਾਂਝਾ ਕਰਦਿਆਂ ਕਿਹਾ ਕਿ ਸਿੱਖ ਕੌਮ ਦੇ ਇਹ ਮਹਾਨ ਯੋਧੇ ਸਦਾ ਲਈ ਅਮਰ ਹੋ ਗਏ।

ਸ਼ਿਵਸੈਨਾ ਵਿਦਿਆਲਾ ਵਿੱਚ ਲੋਹੜੀ ਦਾ ਤਿਓਹਾਰ ਰਵਾਇਤੀ ਢੰਗ ਨਾਲ ਮਨਾਇਆ
ਬੱਚਿਆਂ ਨੂੰ ਪੰਜਾਬੀ ਸੱਭਿਆਚਾਰ ਨਾਲ ਜੋੜਨਾ ਮੁੱਖ ਉਦੇਸ਼ : ਹਰਵਿੰਦਰ ਸੈਨੀ, ਰਾਜਵੰਤ ਵਿਆਸੀ
ਪੰਜਾਬ ਟਾਇਮਜ਼	ਵਿਸ਼ੇਸ਼

ਗੁਰਦਾਸਪੁਰ, 14 ਜਨਵਰੀ (ਤਰਸੇਮ)-

ਵਿਦਿਆਲਾ ਵਿੱਚ ਲੋਹੜੀ ਦਾ ਤਿਓਹਾਰ ਬੜੇ ਹੀ ਉਤਸ਼ਾਹ ਅਤੇ ਰਵਾਇਤੀ ਢੰਗ ਨਾਲ ਮਨਾਇਆ ਗਿਆ। ਬੱਚਿਆਂ ਨੇ ਪੰਜਾਬੀ ਪਹਿਰਾਵੇ ਵਿੱਚ ਸਜ ਕੇ ਗਿੱਧਾ ਅਤੇ ਭੰਗੜਾ ਪੇਸ਼ ਕੀਤਾ।

ਪ੍ਰਬੰਧਕਾਂ ਹਰਵਿੰਦਰ ਸੈਨੀ ਅਤੇ ਰਾਜਵੰਤ ਵਿਆਸੀ ਨੇ ਕਿਹਾ ਕਿ ਅਜਿਹੇ ਸਮਾਗਮਾਂ ਦਾ ਮੁੱਖ ਉਦੇਸ਼ ਬੱਚਿਆਂ ਨੂੰ ਆਪਣੇ ਅਮੀਰ ਪੰਜਾਬੀ ਸੱਭਿਆਚਾਰ ਅਤੇ ਵਿਰਸੇ ਨਾਲ ਜੋੜਨਾ ਹੈ।

ਲੋਹੜੀ ਦੀ ਅੱਗ ਬਾਲ ਕੇ ਸਾਰਿਆਂ ਨੇ ਤਿਲ, ਗੁੜ ਅਤੇ ਰਿਓੜੀਆਂ ਅਰਪਿਤ ਕੀਤੀਆਂ ਅਤੇ ਸੁੱਖ-ਸ਼ਾਂਤੀ ਦੀ ਕਾਮਨਾ ਕੀਤੀ।

ਇਸ ਮੌਕੇ ਅਧਿਆਪਕ ਸਾਹਿਬਾਨ, ਮਾਪੇ ਅਤੇ ਇਲਾਕਾ ਨਿਵਾਸੀ ਵੱਡੀ ਗਿਣਤੀ ਵਿੱਚ ਹਾਜ਼ਰ ਸਨ। ਅੰਤ ਵਿੱਚ ਬੱਚਿਆਂ ਨੂੰ ਇਨਾਮ ਵੰਡੇ ਗਏ।

ਲੋਹੜੀ ਮੌਕੇ ਸ਼ਿਰਕਤ ਕਰਦੇ ਹੋਏ ਬੱਚੇ ਅਤੇ ਮਹਿਮਾਨ।

ਪ੍ਰਬੰਧਕਾਂ ਹਰਵਿੰਦਰ ਸੈਨੀ ਅਤੇ ਰਾਜਵੰਤ ਵਿਆਸੀ ਨੇ ਕਿਹਾ ਕਿ ਅਜਿਹੇ ਸਮਾਗਮਾਂ ਦਾ ਮੁੱਖ ਉਦੇਸ਼ ਬੱਚਿਆਂ ਨੂੰ ਆਪਣੇ ਅਮੀਰ ਪੰਜਾਬੀ ਸੱਭਿਆਚਾਰ ਅਤੇ ਵਿਰਸੇ ਨਾਲ ਜੋੜਨਾ ਹੈ।

ਲੋਹੜੀ ਦੀ ਅੱਗ ਬਾਲ ਕੇ ਸਾਰਿਆਂ ਨੇ ਤਿਲ, ਗੁੜ ਅਤੇ ਰਿਓੜੀਆਂ ਅਰਪਿਤ ਕੀਤੀਆਂ ਅਤੇ ਸੁੱਖ-ਸ਼ਾਂਤੀ ਦੀ ਕਾਮਨਾ ਕੀਤੀ।

ਇਸ ਮੌਕੇ ਗੁਰੂ ਕਾ ਲੰਗਰ ਅਤੁੱਟ ਵਰਤਾਇਆ ਗਿਆ। ਸੇਵਾਦਾਰਾਂ ਨੇ ਸੰਗਤਾਂ ਦੀ ਸੇਵਾ ਵਿੱਚ ਪੂਰੀ ਤਨਦੇਹੀ ਨਾਲ ਹਿੱਸਾ ਪਾਇਆ।

ਗੁਰਦੁਆਰਾ ਪ੍ਰਬੰਧਕ ਕਮੇਟੀ ਦੇ ਅਹੁਦੇਦਾਰਾਂ ਨੇ ਸੰਗਤਾਂ ਦਾ ਧੰਨਵਾਦ ਕੀਤਾ ਅਤੇ ਕਿਹਾ ਕਿ ਨੌਜਵਾਨ ਪੀੜ੍ਹੀ ਨੂੰ ਆਪਣੇ ਅਮੀਰ ਇਤਿਹਾਸ ਨਾਲ ਜੋੜਨ ਦੀ ਲੋੜ ਹੈ।

ਇਸ ਮੌਕੇ ਵੱਡੀ ਗਿਣਤੀ ਵਿੱਚ ਇਲਾਕੇ ਦੀਆਂ ਸੰਗਤਾਂ ਨੇ ਹਾਜ਼ਰੀ ਭਰੀ ਅਤੇ ਗੁਰੂ ਮਹਾਰਾਜ ਦੇ ਚਰਨਾਂ ਵਿੱਚ ਸ਼ਰਧਾ ਦੇ ਫੁੱਲ ਭੇਟ ਕੀਤੇ।

ਲੋਹੜੀ ਦੀ ਅੱਗ ਬਾਲ ਕੇ ਸਾਰਿਆਂ ਨੇ ਤਿਲ, ਗੁੜ ਅਤੇ ਰਿਓੜੀਆਂ ਅਰਪਿਤ ਕੀਤੀਆਂ ਅਤੇ ਸੁੱਖ-ਸ਼ਾਂਤੀ ਦੀ ਕਾਮਨਾ ਕੀਤੀ।

ਇਸ ਮੌਕੇ ਅਧਿਆਪਕ ਸਾਹਿਬਾਨ, ਮਾਪੇ ਅਤੇ ਇਲਾਕਾ ਨਿਵਾਸੀ ਵੱਡੀ ਗਿਣਤੀ ਵਿੱਚ ਹਾਜ਼ਰ ਸਨ। ਅੰਤ ਵਿੱਚ ਬੱਚਿਆਂ ਨੂੰ ਇਨਾਮ ਵੰਡੇ ਗਏ।

ਅੱਤ ਦੀ ਠੰਢ ‘ਚ ਕਿਸਾਨਾਂ ਨੇ ਲਾਇਆ ਐਸਡੀਐਮ ਡੇਰਾ ਬਾਬਾ ਨਾਨਕ ਦੇ ਦਫ਼ਤਰ ਮੂਹਰੇ ਧਰਨਾ
ਪੰਜਾਬ ਸਰਕਾਰ ਦੀ ਜ਼ਮੀਨ ‘ਚ ਕਬਜ਼ਾ ਕਰਨ ਵਾਲੇ ਕਿਸਾਨਾਂ ਨੂੰ ਮੁਆਵਜ਼ਾ ਨਾ ਮਿਲਣ ‘ਤੇ
ਪੰਜਾਬ ਟਾਇਮਜ਼	ਵਿਸ਼ੇਸ਼

ਡੇਰਾ ਬਾਬਾ ਨਾਨਕ, 14 ਜਨਵਰੀ

ਕਿਸਾਨ ਜਥੇਬੰਦੀਆਂ ਨੇ ਐਸਡੀਐਮ ਦਫ਼ਤਰ ਦੇ ਬਾਹਰ ਧਰਨਾ ਲਗਾ ਕੇ ਸਰਕਾਰ ਖ਼ਿਲਾਫ਼ ਨਾਅਰੇਬਾਜ਼ੀ ਕੀਤੀ। ਕੜਾਕੇ ਦੀ ਠੰਢ ਦੇ ਬਾਵਜੂਦ ਵੱਡੀ ਗਿਣਤੀ ਵਿੱਚ ਕਿਸਾਨ ਹਾਜ਼ਰ ਰਹੇ।

ਕਿਸਾਨ ਆਗੂਆਂ ਨੇ ਕਿਹਾ ਕਿ ਜ਼ਮੀਨ ਐਕਵਾਇਰ ਕੀਤੇ ਜਾਣ ਦੇ ਬਾਵਜੂਦ ਅੱਜ ਤੱਕ ਮੁਆਵਜ਼ਾ ਨਹੀਂ ਦਿੱਤਾ ਗਿਆ, ਜਿਸ ਕਾਰਨ ਕਿਸਾਨ ਪਰਿਵਾਰ ਆਰਥਿਕ ਤੰਗੀ ਦਾ ਸ਼ਿਕਾਰ ਹਨ।

ਉਨ੍ਹਾਂ ਮੰਗ ਕੀਤੀ ਕਿ ਤੁਰੰਤ ਬਣਦਾ ਮੁਆਵਜ਼ਾ ਜਾਰੀ ਕੀਤਾ ਜਾਵੇ, ਨਹੀਂ ਤਾਂ ਸੰਘਰਸ਼ ਹੋਰ ਤੇਜ਼ ਕੀਤਾ ਜਾਵੇਗਾ।

ਐਸਡੀਐਮ ਦਫ਼ਤਰ ਅੱਗੇ ਧਰਨਾ ਦਿੰਦੇ ਹੋਏ ਕਿਸਾਨ।

ਧਰਨੇ ਦੌਰਾਨ ਪ੍ਰਸ਼ਾਸਨ ਦੇ ਅਧਿਕਾਰੀਆਂ ਨੇ ਪਹੁੰਚ ਕੇ ਮੰਗ ਪੱਤਰ ਪ੍ਰਾਪਤ ਕੀਤਾ ਅਤੇ ਜਲਦ ਹੱਲ ਦਾ ਭਰੋਸਾ ਦਿੱਤਾ।

ਪੂਠ ਦਾਸੂਵਾਲ ਗੈਂਗ ਦਾ ਸ਼ੂਟਰ ਭੱਜਣ ਦੀ ਕੋਸ਼ਿਸ਼ ਦੌਰਾਨ ਜ਼ਖਮੀ
• ਕਮਿਸ਼ਨਰੇਟ ਪੁਲਿਸ ਅੰਮ੍ਰਿਤਸਰ ਨੇ ਸ਼ੱਕੀ ਸਮਰਥ ਕਤਲ ਕੇਸ ਕੀਤਾ ਹੱਲ
ਪੰਜਾਬ ਟਾਇਮਜ਼	ਵਿਸ਼ੇਸ਼

ਸ੍ਰੀ ਅੰਮ੍ਰਿਤਸਰ, 14 ਜਨਵਰੀ (ਅਨੀਸ਼ ਅਰੋੜਾ)-

ਕਮਿਸ਼ਨਰੇਟ ਪੁਲਿਸ ਨੇ ਇੱਕ ਵੱਡੀ ਸਫਲਤਾ ਹਾਸਲ ਕਰਦਿਆਂ ਗੈਂਗ ਦੇ ਸ਼ੂਟਰ ਨੂੰ ਕਾਬੂ ਕੀਤਾ ਹੈ। ਮੁਲਜ਼ਮ ਪੁਲਿਸ ਹਿਰਾਸਤ ਵਿੱਚੋਂ ਭੱਜਣ ਦੀ ਕੋਸ਼ਿਸ਼ ਦੌਰਾਨ ਜ਼ਖਮੀ ਹੋ ਗਿਆ।

ਪੁਲਿਸ ਬੁਲਾਰੇ ਨੇ ਦੱਸਿਆ ਕਿ ਮੁਲਜ਼ਮ ਕੋਲੋਂ ਇੱਕ ਪਿਸਤੌਲ ਅਤੇ ਕਾਰਤੂਸ ਬਰਾਮਦ ਕੀਤੇ ਗਏ ਹਨ। ਉਸ ਵਿਰੁੱਧ ਪਹਿਲਾਂ ਵੀ ਕਈ ਸੰਗੀਨ ਮਾਮਲੇ ਦਰਜ ਹਨ।

ਮੁਕੱਦਮਾ ਨੰਬਰ 04-01-2026 ਅਧੀਨ ਧਾਰਾ 103, 113(1), 61(2) ਬੀ.ਐਨ.ਐਸ. ਅਤੇ 25/27/54/59 ਆਰਮਜ਼ ਐਕਟ ਤਹਿਤ ਕਾਰਵਾਈ ਕੀਤੀ ਜਾ ਰਹੀ ਹੈ।

ਪੁਲਿਸ ਵੱਲੋਂ ਗ੍ਰਿਫ਼ਤਾਰ ਕੀਤਾ ਗਿਆ ਮੁਲਜ਼ਮ।

ਪੁਲਿਸ ਨੇ ਦੱਸਿਆ ਕਿ ਕਤਲ ਕੇਸ ਦੀ ਗੁੱਥੀ ਸੁਲਝਾ ਲਈ ਗਈ ਹੈ ਅਤੇ ਬਾਕੀ ਸਾਥੀਆਂ ਦੀ ਭਾਲ ਜਾਰੀ ਹੈ। ਅਗਲੀ ਪੁੱਛਗਿੱਛ ਲਈ ਮੁਲਜ਼ਮ ਦਾ ਪੁਲਿਸ ਰਿਮਾਂਡ ਲਿਆ ਜਾਵੇਗਾ।

ਮੁਕੱਦਮਾ ਨੰ: 133/2024, ਭਾਰਤੀ ਨਿਆਂ ਸੰਹਿਤਾ ਦੀਆਂ ਧਾਰਾਵਾਂ 109, 115(2), 126(2), 351, 3(5), 61(2), 62, 126(2) ਅਧੀਨ ਥਾਣਾ ਈ-ਡਵੀਜ਼ਨ ਵਿੱਚ ਦਰਜ ਹੈ।
